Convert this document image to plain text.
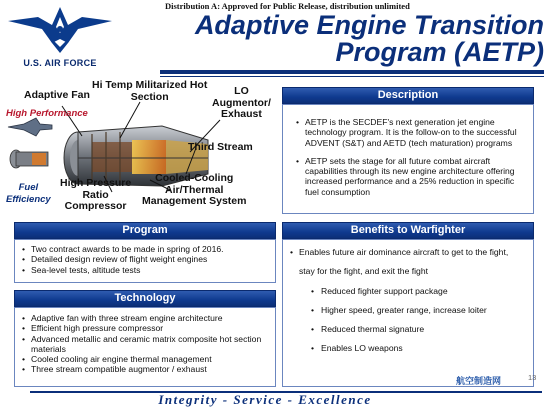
Distribution A: Approved for Public Release, distribution unlimited
U.S. AIR FORCE
Adaptive Engine Transition
Program (AETP)
Adaptive Fan
Hi Temp Militarized Hot
Section	LO
Augmentor/
Exhaust
High Performance
Third Stream
Fuel
Efficiency
High Pressure
Ratio
Compressor
Cooled-Cooling
Air/Thermal
Management System
Description
• AETP is the SECDEF's next generation jet engine technology program. It is the follow-on to the successful ADVENT (S&T) and AETD (tech maturation) programs
• AETP sets the stage for all future combat aircraft capabilities through its new engine architecture offering increased performance and a 25% reduction in specific fuel consumption
Program
• Two contract awards to be made in spring of 2016.
• Detailed design review of flight weight engines
• Sea-level tests, altitude tests
Technology
• Adaptive fan with three stream engine architecture
• Efficient high pressure compressor
• Advanced metallic and ceramic matrix composite hot section materials
• Cooled cooling air engine thermal management
• Three stream compatible augmentor / exhaust
Benefits to Warfighter
• Enables future air dominance aircraft to get to the fight,
stay for the fight, and exit the fight
• Reduced fighter support package
• Higher speed, greater range, increase loiter
• Reduced thermal signature
• Enables LO weapons
13
航空制造网
Integrity - Service - Excellence
